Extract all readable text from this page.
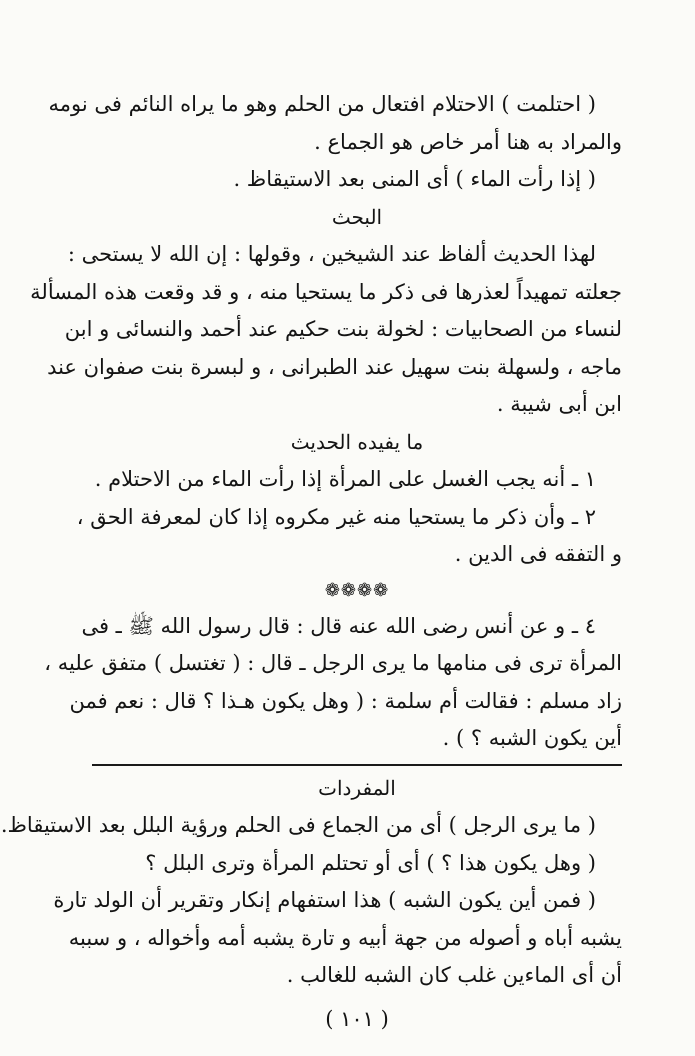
( احتلمت ) الاحتلام افتعال من الحلم وهو ما يراه النائم فى نومه
والمراد به هنا أمر خاص هو الجماع .
( إذا رأت الماء ) أى المنى بعد الاستيقاظ .
البحث
لهذا الحديث ألفاظ عند الشيخين ، وقولها : إن الله لا يستحى :
جعلته تمهيداً لعذرها فى ذكر ما يستحيا منه ، و قد وقعت هذه المسألة
لنساء من الصحابيات : لخولة بنت حكيم عند أحمد والنسائى و ابن
ماجه ، ولسهلة بنت سهيل عند الطبرانى ، و لبسرة بنت صفوان عند
ابن أبى شيبة .
ما يفيده الحديث
١ ـ أنه يجب الغسل على المرأة إذا رأت الماء من الاحتلام .
٢ ـ وأن ذكر ما يستحيا منه غير مكروه إذا كان لمعرفة الحق ،
و التفقه فى الدين .
❁❁❁❁
٤ ـ و عن أنس رضى الله عنه قال : قال رسول الله ﷺ ـ فى
المرأة ترى فى منامها ما يرى الرجل ـ قال : ( تغتسل ) متفق عليه ،
زاد مسلم : فقالت أم سلمة : ( وهل يكون هـذا ؟ قال : نعم فمن
أين يكون الشبه ؟ ) .
المفردات
( ما يرى الرجل ) أى من الجماع فى الحلم ورؤية البلل بعد الاستيقاظ.
( وهل يكون هذا ؟ ) أى أو تحتلم المرأة وترى البلل ؟
( فمن أين يكون الشبه ) هذا استفهام إنكار وتقرير أن الولد تارة
يشبه أباه و أصوله من جهة أبيه و تارة يشبه أمه وأخواله ، و سببه
أن أى الماءين غلب كان الشبه للغالب .
( ١٠١ )
